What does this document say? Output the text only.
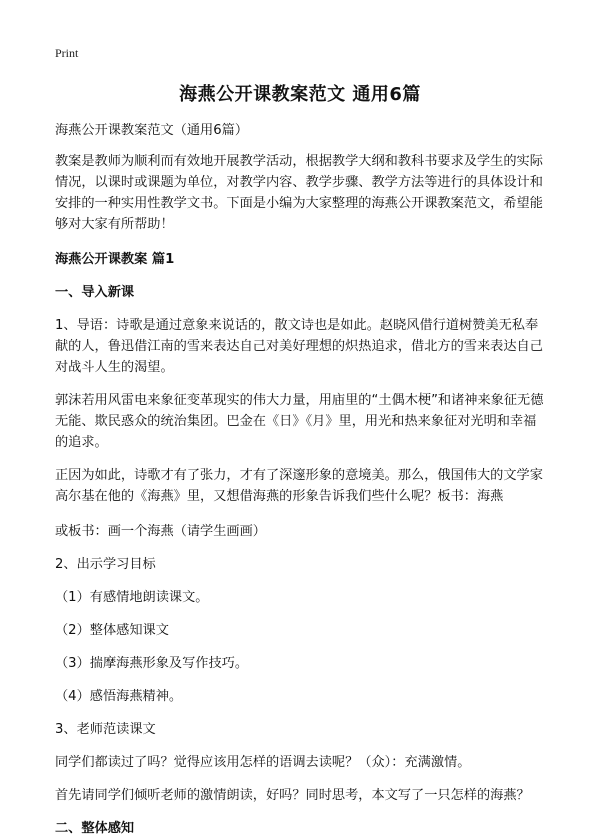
Print
海燕公开课教案范文 通用6篇

海燕公开课教案范文（通用6篇）

教案是教师为顺利而有效地开展教学活动，根据教学大纲和教科书要求及学生的实际情况，以课时或课题为单位，对教学内容、教学步骤、教学方法等进行的具体设计和安排的一种实用性教学文书。下面是小编为大家整理的海燕公开课教案范文，希望能够对大家有所帮助！

海燕公开课教案 篇1

一、导入新课

1、导语：诗歌是通过意象来说话的，散文诗也是如此。赵晓风借行道树赞美无私奉献的人，鲁迅借江南的雪来表达自己对美好理想的炽热追求，借北方的雪来表达自己对战斗人生的渴望。

郭沫若用风雷电来象征变革现实的伟大力量，用庙里的“土偶木梗”和诸神来象征无德无能、欺民惑众的统治集团。巴金在《日》《月》里，用光和热来象征对光明和幸福的追求。

正因为如此，诗歌才有了张力，才有了深邃形象的意境美。那么，俄国伟大的文学家高尔基在他的《海燕》里，又想借海燕的形象告诉我们些什么呢？板书：海燕

或板书：画一个海燕（请学生画画）

2、出示学习目标

（1）有感情地朗读课文。

（2）整体感知课文

（3）揣摩海燕形象及写作技巧。

（4）感悟海燕精神。

3、老师范读课文

同学们都读过了吗？觉得应该用怎样的语调去读呢？（众）：充满激情。

首先请同学们倾听老师的激情朗读，好吗？同时思考，本文写了一只怎样的海燕？

二、整体感知
